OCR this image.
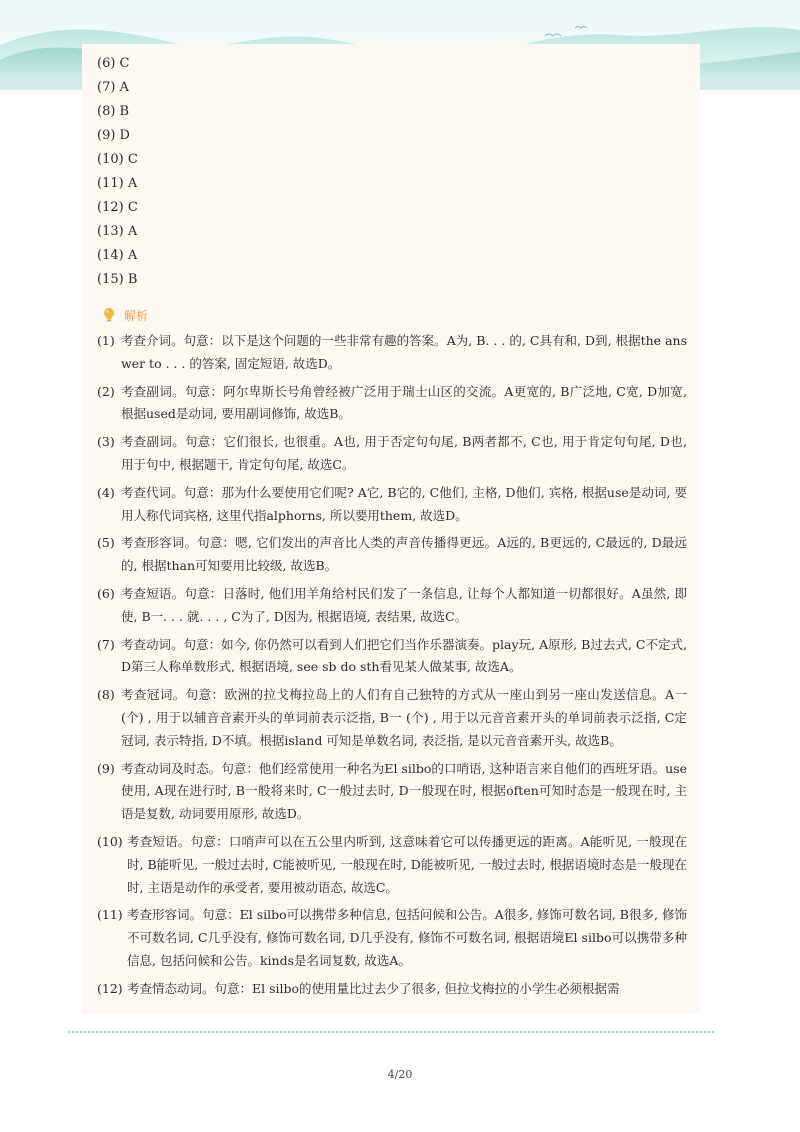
(6) C
(7) A
(8) B
(9) D
(10) C
(11) A
(12) C
(13) A
(14) A
(15) B
解析
(1) 考查介词。句意：以下是这个问题的一些非常有趣的答案。A为, B. . . 的, C具有和, D到, 根据the answer to . . . 的答案, 固定短语, 故选D。
(2) 考查副词。句意：阿尔卑斯长号角曾经被广泛用于瑞士山区的交流。A更宽的, B广泛地, C宽, D加宽, 根据used是动词, 要用副词修饰, 故选B。
(3) 考查副词。句意：它们很长, 也很重。A也, 用于否定句句尾, B两者都不, C也, 用于肯定句句尾, D也, 用于句中, 根据题干, 肯定句句尾, 故选C。
(4) 考查代词。句意：那为什么要使用它们呢? A它, B它的, C他们, 主格, D他们, 宾格, 根据use是动词, 要用人称代词宾格, 这里代指alphorns, 所以要用them, 故选D。
(5) 考查形容词。句意：嗯, 它们发出的声音比人类的声音传播得更远。A远的, B更远的, C最远的, D最远的, 根据than可知要用比较级, 故选B。
(6) 考查短语。句意：日落时, 他们用羊角给村民们发了一条信息, 让每个人都知道一切都很好。A虽然, 即使, B一. . . 就. . . , C为了, D因为, 根据语境, 表结果, 故选C。
(7) 考查动词。句意：如今, 你仍然可以看到人们把它们当作乐器演奏。play玩, A原形, B过去式, C不定式, D第三人称单数形式, 根据语境, see sb do sth看见某人做某事, 故选A。
(8) 考查冠词。句意：欧洲的拉戈梅拉岛上的人们有自己独特的方式从一座山到另一座山发送信息。A一 (个) , 用于以辅音音素开头的单词前表示泛指, B一 (个) , 用于以元音音素开头的单词前表示泛指, C定冠词, 表示特指, D不填。根据island 可知是单数名词, 表泛指, 是以元音音素开头, 故选B。
(9) 考查动词及时态。句意：他们经常使用一种名为El silbo的口哨语, 这种语言来自他们的西班牙语。use使用, A现在进行时, B一般将来时, C一般过去时, D一般现在时, 根据often可知时态是一般现在时, 主语是复数, 动词要用原形, 故选D。
(10) 考查短语。句意：口哨声可以在五公里内听到, 这意味着它可以传播更远的距离。A能听见, 一般现在时, B能听见, 一般过去时, C能被听见, 一般现在时, D能被听见, 一般过去时, 根据语境时态是一般现在时, 主语是动作的承受者, 要用被动语态, 故选C。
(11) 考查形容词。句意：El silbo可以携带多种信息, 包括问候和公告。A很多, 修饰可数名词, B很多, 修饰不可数名词, C几乎没有, 修饰可数名词, D几乎没有, 修饰不可数名词, 根据语境El silbo可以携带多种信息, 包括问候和公告。kinds是名词复数, 故选A。
(12) 考查情态动词。句意：El silbo的使用量比过去少了很多, 但拉戈梅拉的小学生必须根据需
4/20
